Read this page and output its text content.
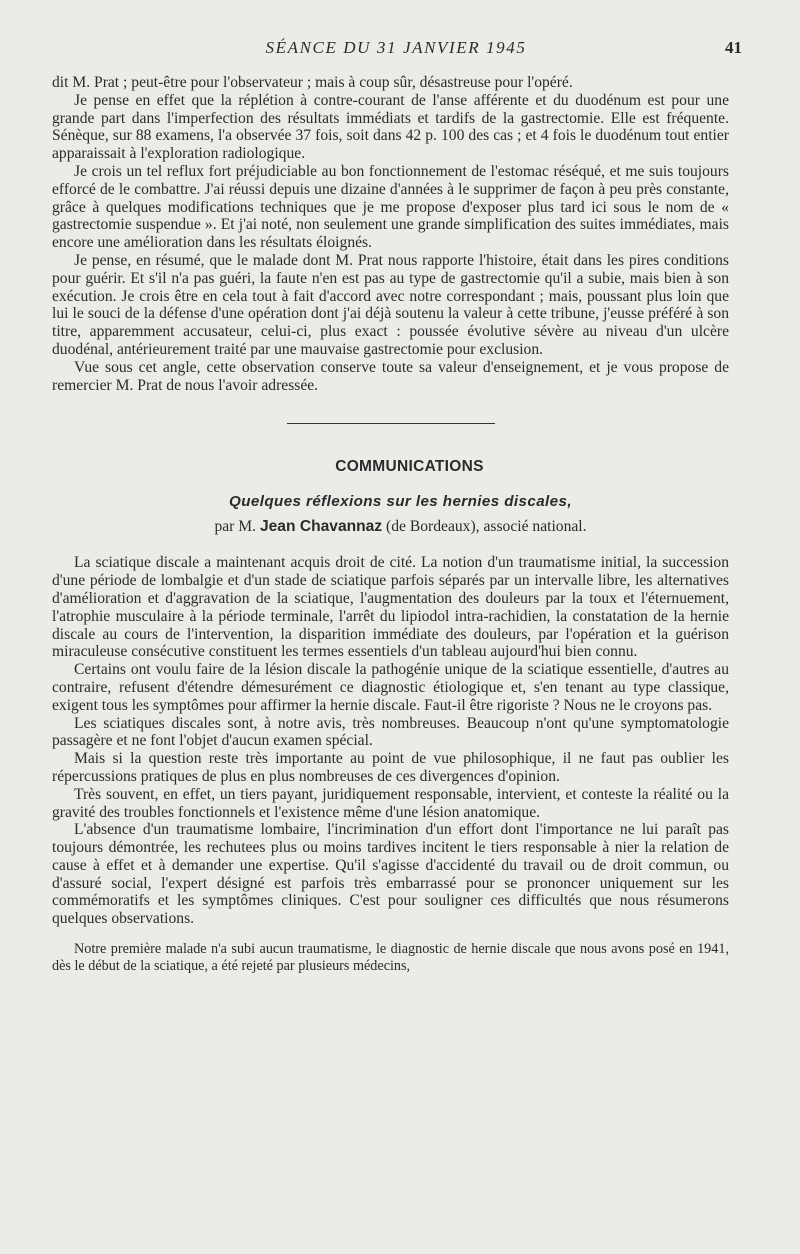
SÉANCE DU 31 JANVIER 1945	41

dit M. Prat ; peut-être pour l'observateur ; mais à coup sûr, désastreuse pour l'opéré.

Je pense en effet que la réplétion à contre-courant de l'anse afférente et du duodénum est pour une grande part dans l'imperfection des résultats immédiats et tardifs de la gastrectomie. Elle est fréquente. Sénèque, sur 88 examens, l'a observée 37 fois, soit dans 42 p. 100 des cas ; et 4 fois le duodénum tout entier apparaissait à l'exploration radiologique.

Je crois un tel reflux fort préjudiciable au bon fonctionnement de l'estomac réséqué, et me suis toujours efforcé de le combattre. J'ai réussi depuis une dizaine d'années à le supprimer de façon à peu près constante, grâce à quelques modifications techniques que je me propose d'exposer plus tard ici sous le nom de « gastrectomie suspendue ». Et j'ai noté, non seulement une grande simplification des suites immédiates, mais encore une amélioration dans les résultats éloignés.

Je pense, en résumé, que le malade dont M. Prat nous rapporte l'histoire, était dans les pires conditions pour guérir. Et s'il n'a pas guéri, la faute n'en est pas au type de gastrectomie qu'il a subie, mais bien à son exécution. Je crois être en cela tout à fait d'accord avec notre correspondant ; mais, poussant plus loin que lui le souci de la défense d'une opération dont j'ai déjà soutenu la valeur à cette tribune, j'eusse préféré à son titre, apparemment accusateur, celui-ci, plus exact : poussée évolutive sévère au niveau d'un ulcère duodénal, antérieurement traité par une mauvaise gastrectomie pour exclusion.

Vue sous cet angle, cette observation conserve toute sa valeur d'enseignement, et je vous propose de remercier M. Prat de nous l'avoir adressée.

COMMUNICATIONS
Quelques réflexions sur les hernies discales,
par M. Jean Chavannaz (de Bordeaux), associé national.

La sciatique discale a maintenant acquis droit de cité. La notion d'un traumatisme initial, la succession d'une période de lombalgie et d'un stade de sciatique parfois séparés par un intervalle libre, les alternatives d'amélioration et d'aggravation de la sciatique, l'augmentation des douleurs par la toux et l'éternuement, l'atrophie musculaire à la période terminale, l'arrêt du lipiodol intra-rachidien, la constatation de la hernie discale au cours de l'intervention, la disparition immédiate des douleurs, par l'opération et la guérison miraculeuse consécutive constituent les termes essentiels d'un tableau aujourd'hui bien connu.

Certains ont voulu faire de la lésion discale la pathogénie unique de la sciatique essentielle, d'autres au contraire, refusent d'étendre démesurément ce diagnostic étiologique et, s'en tenant au type classique, exigent tous les symptômes pour affirmer la hernie discale. Faut-il être rigoriste ? Nous ne le croyons pas.

Les sciatiques discales sont, à notre avis, très nombreuses. Beaucoup n'ont qu'une symptomatologie passagère et ne font l'objet d'aucun examen spécial.

Mais si la question reste très importante au point de vue philosophique, il ne faut pas oublier les répercussions pratiques de plus en plus nombreuses de ces divergences d'opinion.

Très souvent, en effet, un tiers payant, juridiquement responsable, intervient, et conteste la réalité ou la gravité des troubles fonctionnels et l'existence même d'une lésion anatomique.

L'absence d'un traumatisme lombaire, l'incrimination d'un effort dont l'importance ne lui paraît pas toujours démontrée, les rechutees plus ou moins tardives incitent le tiers responsable à nier la relation de cause à effet et à demander une expertise. Qu'il s'agisse d'accidenté du travail ou de droit commun, ou d'assuré social, l'expert désigné est parfois très embarrassé pour se prononcer uniquement sur les commémoratifs et les symptômes cliniques. C'est pour souligner ces difficultés que nous résumerons quelques observations.

Notre première malade n'a subi aucun traumatisme, le diagnostic de hernie discale que nous avons posé en 1941, dès le début de la sciatique, a été rejeté par plusieurs médecins,
